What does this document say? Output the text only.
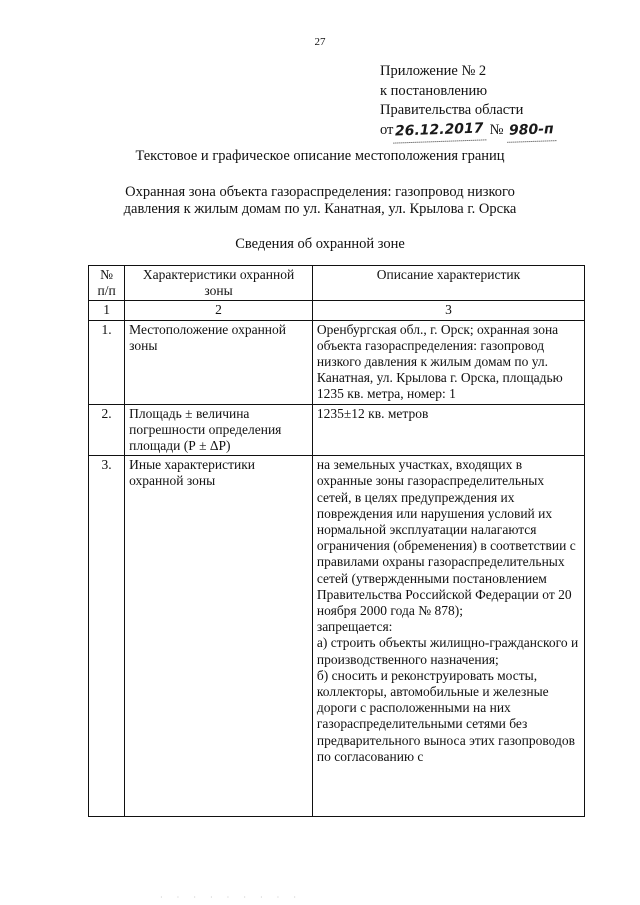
27
Приложение № 2
к постановлению
Правительства области
от 26.12.2017 № 980-п
Текстовое и графическое описание местоположения границ
Охранная зона объекта газораспределения: газопровод низкого
давления к жилым домам по ул. Канатная, ул. Крылова г. Орска
Сведения об охранной зоне
№ п/п	Характеристики охранной зоны	Описание характеристик
1	2	3
1.	Местоположение охранной зоны	Оренбургская обл., г. Орск; охранная зона объекта газораспределения: газопровод низкого давления к жилым домам по ул. Канатная, ул. Крылова г. Орска, площадью 1235 кв. метра, номер: 1
2.	Площадь ± величина погрешности определения площади (Р ± ΔР)	1235±12 кв. метров
3.	Иные характеристики охранной зоны	на земельных участках, входящих в охранные зоны газораспределительных сетей, в целях предупреждения их повреждения или нарушения условий их нормальной эксплуатации налагаются ограничения (обременения) в соответствии с правилами охраны газораспределительных сетей (утвержденными постановлением Правительства Российской Федерации от 20 ноября 2000 года № 878);
запрещается:
а) строить объекты жилищно-гражданского и производственного назначения;
б) сносить и реконструировать мосты, коллекторы, автомобильные и железные дороги с расположенными на них газораспределительными сетями без предварительного выноса этих газопроводов по согласованию с
· · · · · · · · ·
